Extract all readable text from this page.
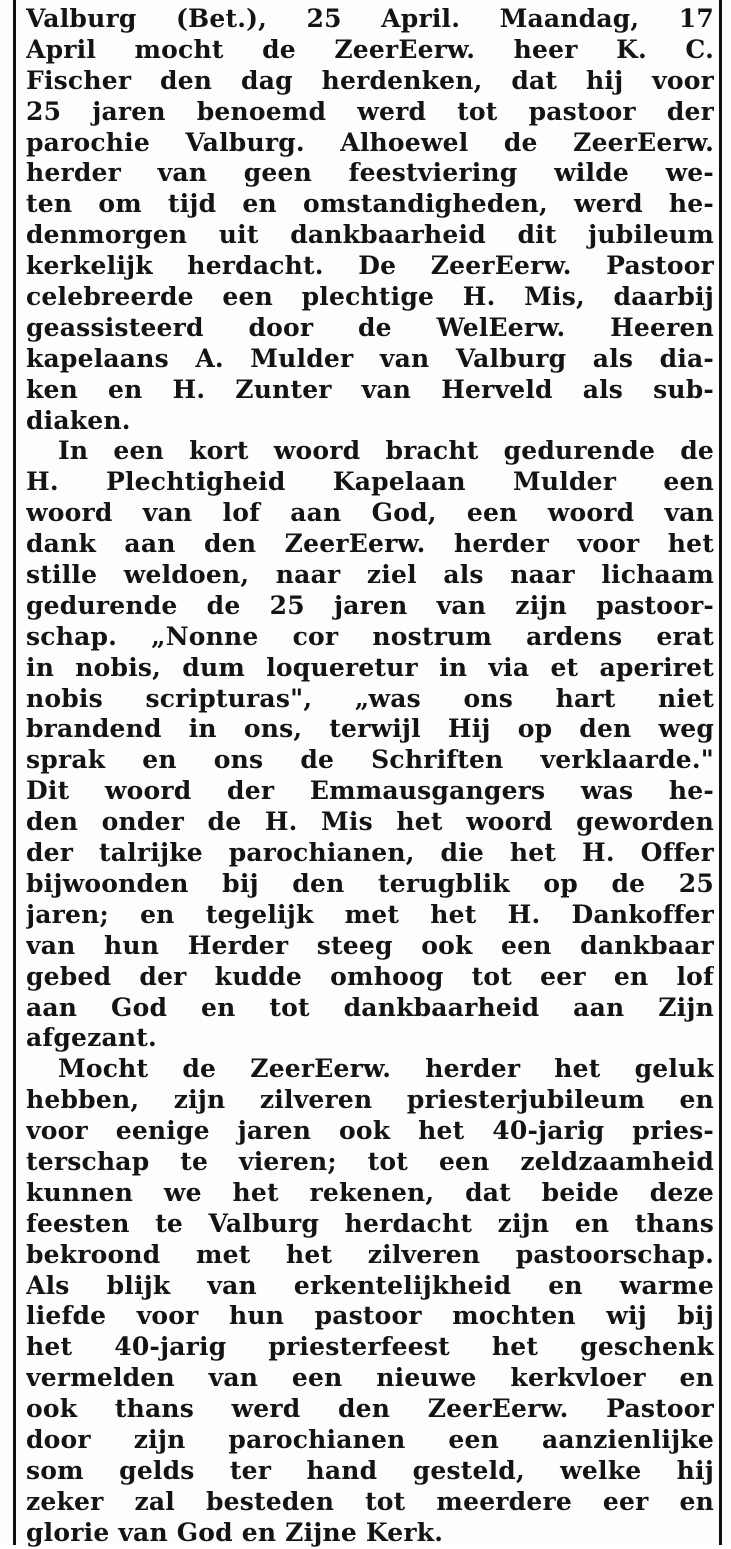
Valburg (Bet.), 25 April. Maandag, 17
April mocht de ZeerEerw. heer K. C.
Fischer den dag herdenken, dat hij voor
25 jaren benoemd werd tot pastoor der
parochie Valburg. Alhoewel de ZeerEerw.
herder van geen feestviering wilde we-
ten om tijd en omstandigheden, werd he-
denmorgen uit dankbaarheid dit jubileum
kerkelijk herdacht. De ZeerEerw. Pastoor
celebreerde een plechtige H. Mis, daarbij
geassisteerd door de WelEerw. Heeren
kapelaans A. Mulder van Valburg als dia-
ken en H. Zunter van Herveld als sub-
diaken.
In een kort woord bracht gedurende de
H. Plechtigheid Kapelaan Mulder een
woord van lof aan God, een woord van
dank aan den ZeerEerw. herder voor het
stille weldoen, naar ziel als naar lichaam
gedurende de 25 jaren van zijn pastoor-
schap. „Nonne cor nostrum ardens erat
in nobis, dum loqueretur in via et aperiret
nobis scripturas", „was ons hart niet
brandend in ons, terwijl Hij op den weg
sprak en ons de Schriften verklaarde."
Dit woord der Emmausgangers was he-
den onder de H. Mis het woord geworden
der talrijke parochianen, die het H. Offer
bijwoonden bij den terugblik op de 25
jaren; en tegelijk met het H. Dankoffer
van hun Herder steeg ook een dankbaar
gebed der kudde omhoog tot eer en lof
aan God en tot dankbaarheid aan Zijn
afgezant.
Mocht de ZeerEerw. herder het geluk
hebben, zijn zilveren priesterjubileum en
voor eenige jaren ook het 40-jarig pries-
terschap te vieren; tot een zeldzaamheid
kunnen we het rekenen, dat beide deze
feesten te Valburg herdacht zijn en thans
bekroond met het zilveren pastoorschap.
Als blijk van erkentelijkheid en warme
liefde voor hun pastoor mochten wij bij
het 40-jarig priesterfeest het geschenk
vermelden van een nieuwe kerkvloer en
ook thans werd den ZeerEerw. Pastoor
door zijn parochianen een aanzienlijke
som gelds ter hand gesteld, welke hij
zeker zal besteden tot meerdere eer en
glorie van God en Zijne Kerk.
